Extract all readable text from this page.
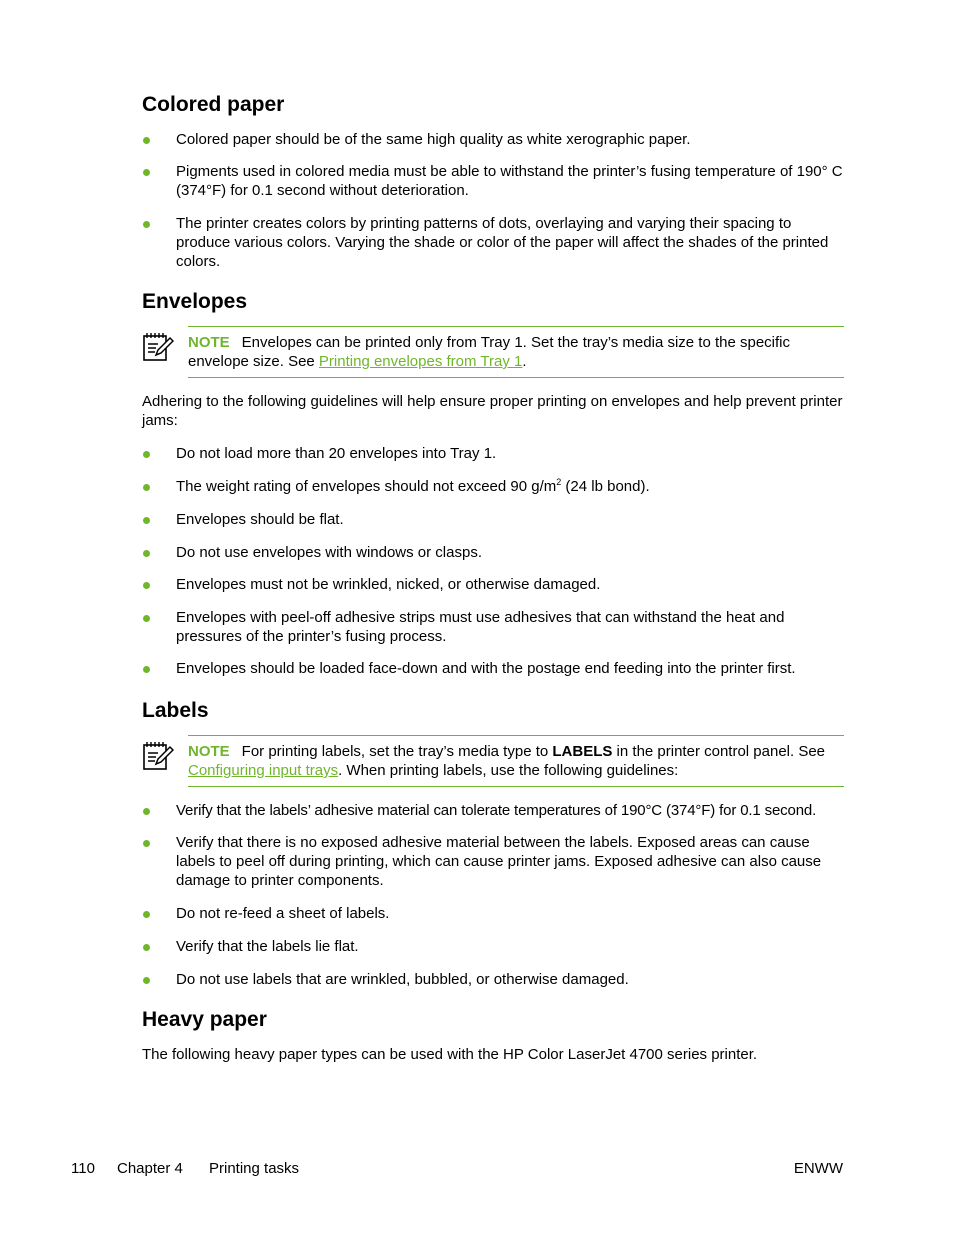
Colored paper
Colored paper should be of the same high quality as white xerographic paper.
Pigments used in colored media must be able to withstand the printer’s fusing temperature of 190° C (374°F) for 0.1 second without deterioration.
The printer creates colors by printing patterns of dots, overlaying and varying their spacing to produce various colors. Varying the shade or color of the paper will affect the shades of the printed colors.
Envelopes
NOTE Envelopes can be printed only from Tray 1. Set the tray’s media size to the specific envelope size. See Printing envelopes from Tray 1.

Adhering to the following guidelines will help ensure proper printing on envelopes and help prevent printer jams:

Do not load more than 20 envelopes into Tray 1.
The weight rating of envelopes should not exceed 90 $g/m^2$ (24 lb bond).
Envelopes should be flat.
Do not use envelopes with windows or clasps.
Envelopes must not be wrinkled, nicked, or otherwise damaged.
Envelopes with peel-off adhesive strips must use adhesives that can withstand the heat and pressures of the printer’s fusing process.
Envelopes should be loaded face-down and with the postage end feeding into the printer first.
Labels
NOTE For printing labels, set the tray’s media type to LABELS in the printer control panel. See Configuring input trays. When printing labels, use the following guidelines:
Verify that the labels’ adhesive material can tolerate temperatures of 190°C (374°F) for 0.1 second.
Verify that there is no exposed adhesive material between the labels. Exposed areas can cause labels to peel off during printing, which can cause printer jams. Exposed adhesive can also cause damage to printer components.
Do not re-feed a sheet of labels.
Verify that the labels lie flat.
Do not use labels that are wrinkled, bubbled, or otherwise damaged.
Heavy paper

The following heavy paper types can be used with the HP Color LaserJet 4700 series printer.

110 Chapter 4 Printing tasks	ENWW
